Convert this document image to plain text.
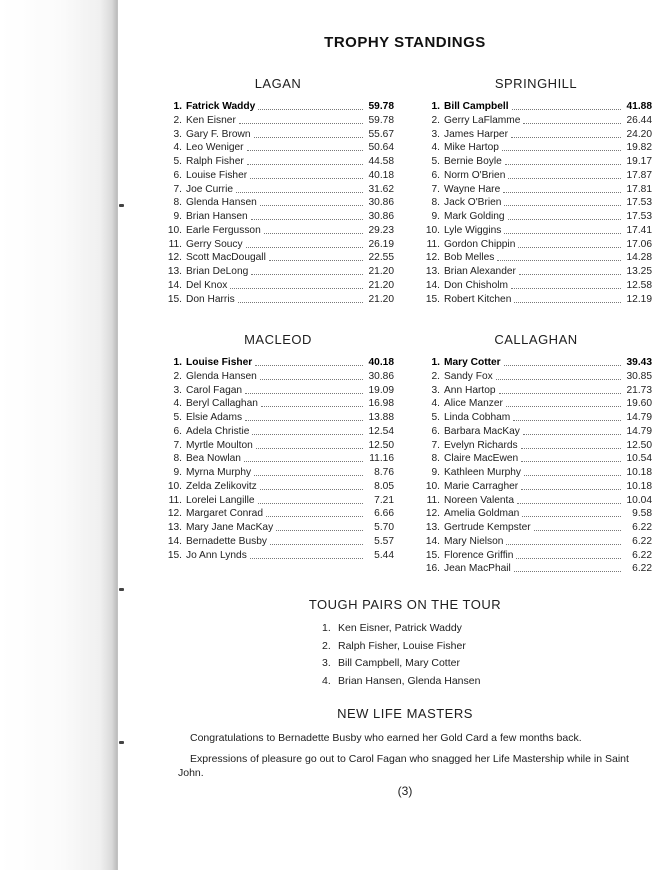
TROPHY STANDINGS
LAGAN
1. Fatrick Waddy	59.78
2. Ken Eisner	59.78
3. Gary F. Brown	55.67
4. Leo Weniger	50.64
5. Ralph Fisher	44.58
6. Louise Fisher	40.18
7. Joe Currie	31.62
8. Glenda Hansen	30.86
9. Brian Hansen	30.86
10. Earle Fergusson	29.23
11. Gerry Soucy	26.19
12. Scott MacDougall	22.55
13. Brian DeLong	21.20
14. Del Knox	21.20
15. Don Harris	21.20
SPRINGHILL
1. Bill Campbell	41.88
2. Gerry LaFlamme	26.44
3. James Harper	24.20
4. Mike Hartop	19.82
5. Bernie Boyle	19.17
6. Norm O'Brien	17.87
7. Wayne Hare	17.81
8. Jack O'Brien	17.53
9. Mark Golding	17.53
10. Lyle Wiggins	17.41
11. Gordon Chippin	17.06
12. Bob Melles	14.28
13. Brian Alexander	13.25
14. Don Chisholm	12.58
15. Robert Kitchen	12.19
MACLEOD
1. Louise Fisher	40.18
2. Glenda Hansen	30.86
3. Carol Fagan	19.09
4. Beryl Callaghan	16.98
5. Elsie Adams	13.88
6. Adela Christie	12.54
7. Myrtle Moulton	12.50
8. Bea Nowlan	11.16
9. Myrna Murphy	8.76
10. Zelda Zelikovitz	8.05
11. Lorelei Langille	7.21
12. Margaret Conrad	6.66
13. Mary Jane MacKay	5.70
14. Bernadette Busby	5.57
15. Jo Ann Lynds	5.44
CALLAGHAN
1. Mary Cotter	39.43
2. Sandy Fox	30.85
3. Ann Hartop	21.73
4. Alice Manzer	19.60
5. Linda Cobham	14.79
6. Barbara MacKay	14.79
7. Evelyn Richards	12.50
8. Claire MacEwen	10.54
9. Kathleen Murphy	10.18
10. Marie Carragher	10.18
11. Noreen Valenta	10.04
12. Amelia Goldman	9.58
13. Gertrude Kempster	6.22
14. Mary Nielson	6.22
15. Florence Griffin	6.22
16. Jean MacPhail	6.22
TOUGH PAIRS ON THE TOUR
1. Ken Eisner, Patrick Waddy
2. Ralph Fisher, Louise Fisher
3. Bill Campbell, Mary Cotter
4. Brian Hansen, Glenda Hansen
NEW LIFE MASTERS

Congratulations to Bernadette Busby who earned her Gold Card a few months back.

Expressions of pleasure go out to Carol Fagan who snagged her Life Mastership while in Saint John.

(3)
